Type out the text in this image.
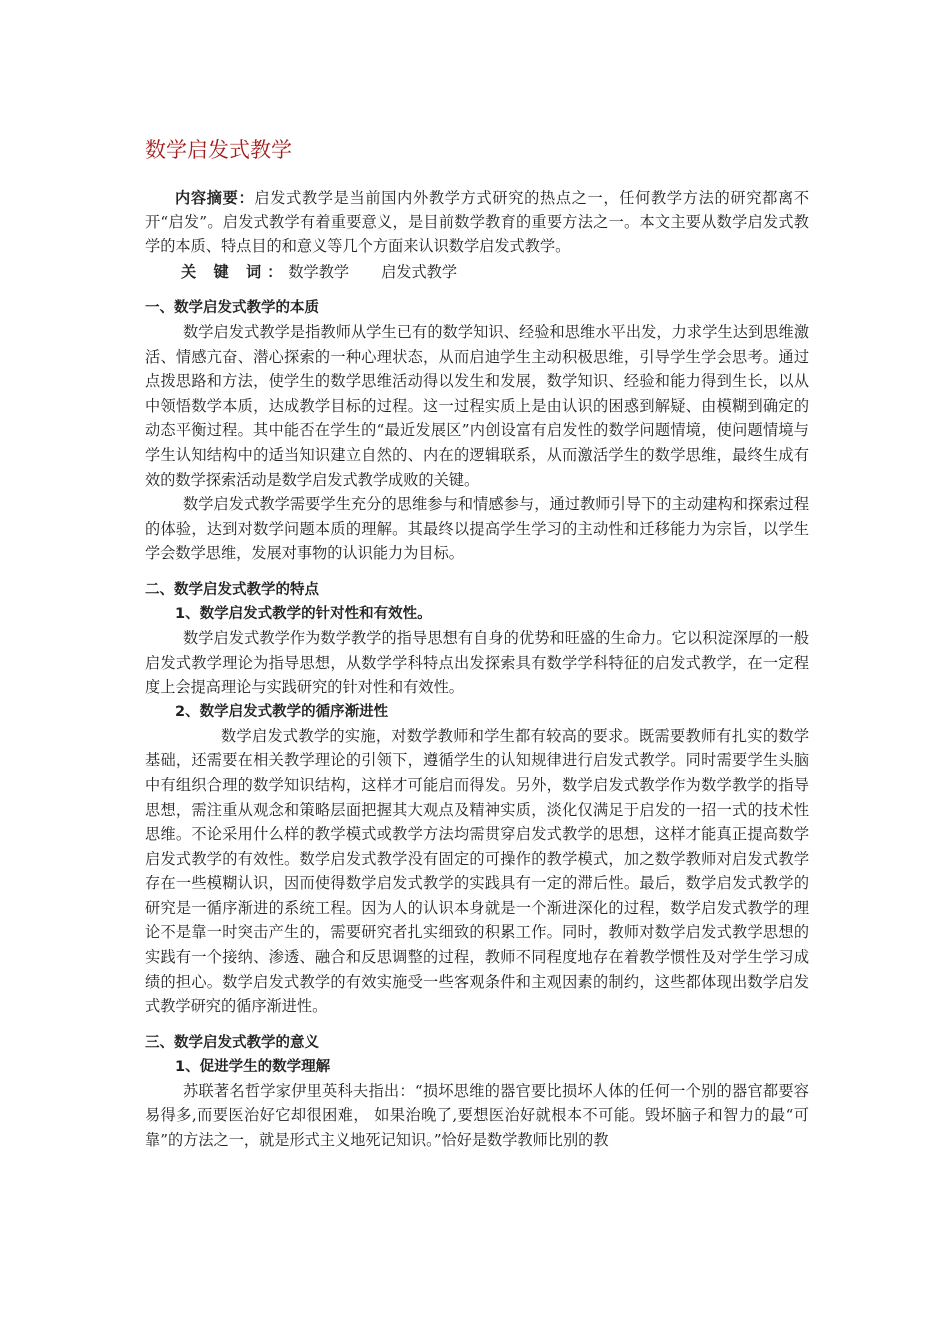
数学启发式教学

内容摘要：启发式教学是当前国内外教学方式研究的热点之一，任何教学方法的研究都离不开“启发”。启发式教学有着重要意义，是目前数学教育的重要方法之一。本文主要从数学启发式教学的本质、特点目的和意义等几个方面来认识数学启发式教学。

关 键 词：数学教学 启发式教学

一、数学启发式教学的本质

数学启发式教学是指教师从学生已有的数学知识、经验和思维水平出发，力求学生达到思维激活、情感亢奋、潜心探索的一种心理状态，从而启迪学生主动积极思维，引导学生学会思考。通过点拨思路和方法，使学生的数学思维活动得以发生和发展，数学知识、经验和能力得到生长，以从中领悟数学本质，达成教学目标的过程。这一过程实质上是由认识的困惑到解疑、由模糊到确定的动态平衡过程。其中能否在学生的“最近发展区”内创设富有启发性的数学问题情境，使问题情境与学生认知结构中的适当知识建立自然的、内在的逻辑联系，从而激活学生的数学思维，最终生成有效的数学探索活动是数学启发式教学成败的关键。

数学启发式教学需要学生充分的思维参与和情感参与，通过教师引导下的主动建构和探索过程的体验，达到对数学问题本质的理解。其最终以提高学生学习的主动性和迁移能力为宗旨，以学生学会数学思维，发展对事物的认识能力为目标。

二、数学启发式教学的特点
1、数学启发式教学的针对性和有效性。

数学启发式教学作为数学教学的指导思想有自身的优势和旺盛的生命力。它以积淀深厚的一般启发式教学理论为指导思想，从数学学科特点出发探索具有数学学科特征的启发式教学，在一定程度上会提高理论与实践研究的针对性和有效性。

2、数学启发式教学的循序渐进性

数学启发式教学的实施，对数学教师和学生都有较高的要求。既需要教师有扎实的数学基础，还需要在相关教学理论的引领下，遵循学生的认知规律进行启发式教学。同时需要学生头脑中有组织合理的数学知识结构，这样才可能启而得发。另外，数学启发式教学作为数学教学的指导思想，需注重从观念和策略层面把握其大观点及精神实质，淡化仅满足于启发的一招一式的技术性思维。不论采用什么样的教学模式或教学方法均需贯穿启发式教学的思想，这样才能真正提高数学启发式教学的有效性。数学启发式教学没有固定的可操作的教学模式，加之数学教师对启发式教学存在一些模糊认识，因而使得数学启发式教学的实践具有一定的滞后性。最后，数学启发式教学的研究是一循序渐进的系统工程。因为人的认识本身就是一个渐进深化的过程，数学启发式教学的理论不是靠一时突击产生的，需要研究者扎实细致的积累工作。同时，教师对数学启发式教学思想的实践有一个接纳、渗透、融合和反思调整的过程，教师不同程度地存在着教学惯性及对学生学习成绩的担心。数学启发式教学的有效实施受一些客观条件和主观因素的制约，这些都体现出数学启发式教学研究的循序渐进性。

三、数学启发式教学的意义
1、促进学生的数学理解

苏联著名哲学家伊里英科夫指出：“损坏思维的器官要比损坏人体的任何一个别的器官都要容易得多,而要医治好它却很困难， 如果治晚了,要想医治好就根本不可能。毁坏脑子和智力的最“可靠”的方法之一，就是形式主义地死记知识。”恰好是数学教师比别的教
